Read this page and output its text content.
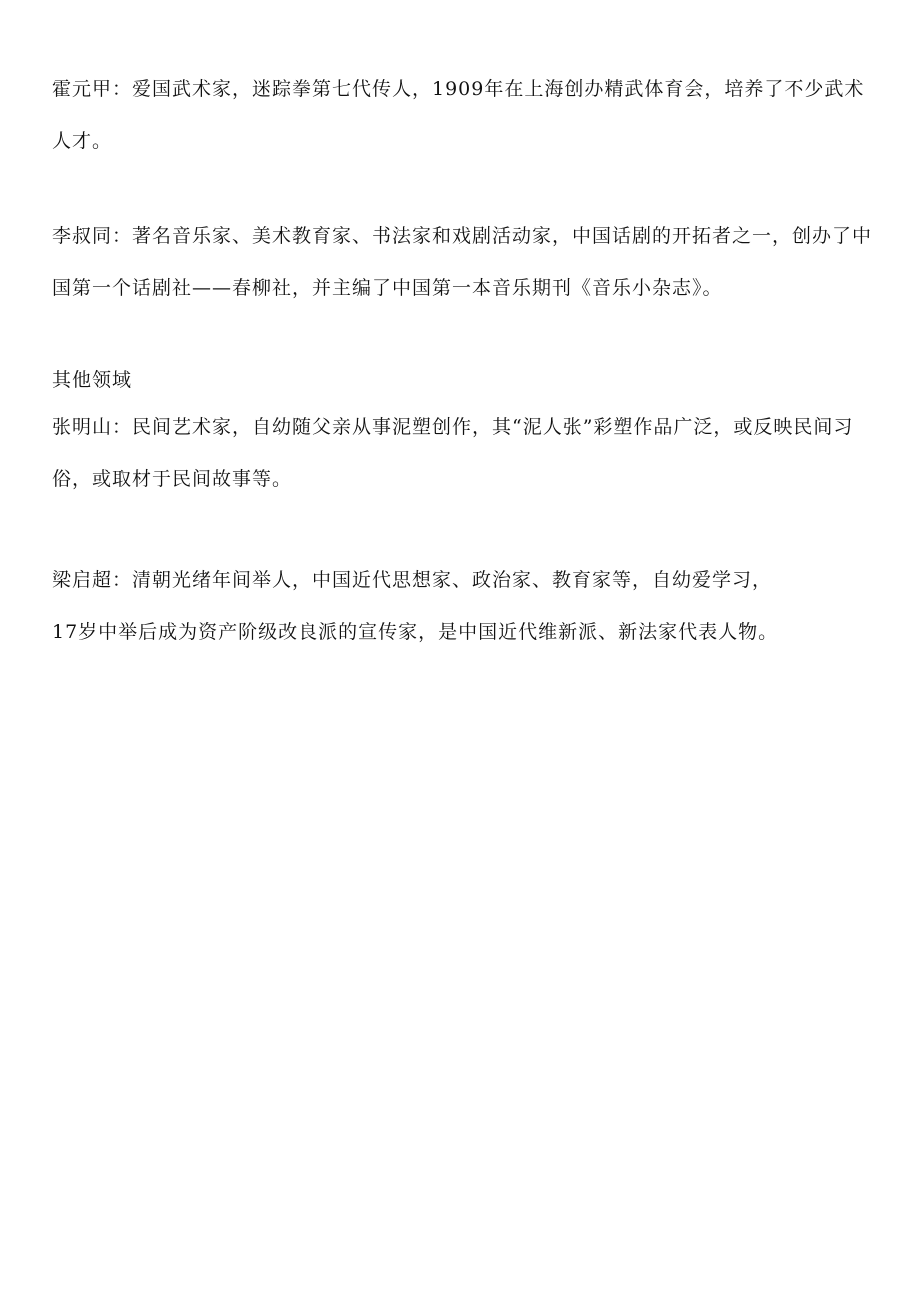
霍元甲：爱国武术家，迷踪拳第七代传人，1909年在上海创办精武体育会，培养了不少武术
人才。
李叔同：著名音乐家、美术教育家、书法家和戏剧活动家，中国话剧的开拓者之一，创办了中
国第一个话剧社——春柳社，并主编了中国第一本音乐期刊《音乐小杂志》。
其他领域
张明山：民间艺术家，自幼随父亲从事泥塑创作，其“泥人张”彩塑作品广泛，或反映民间习
俗，或取材于民间故事等。
梁启超：清朝光绪年间举人，中国近代思想家、政治家、教育家等，自幼爱学习，
17岁中举后成为资产阶级改良派的宣传家，是中国近代维新派、新法家代表人物。
